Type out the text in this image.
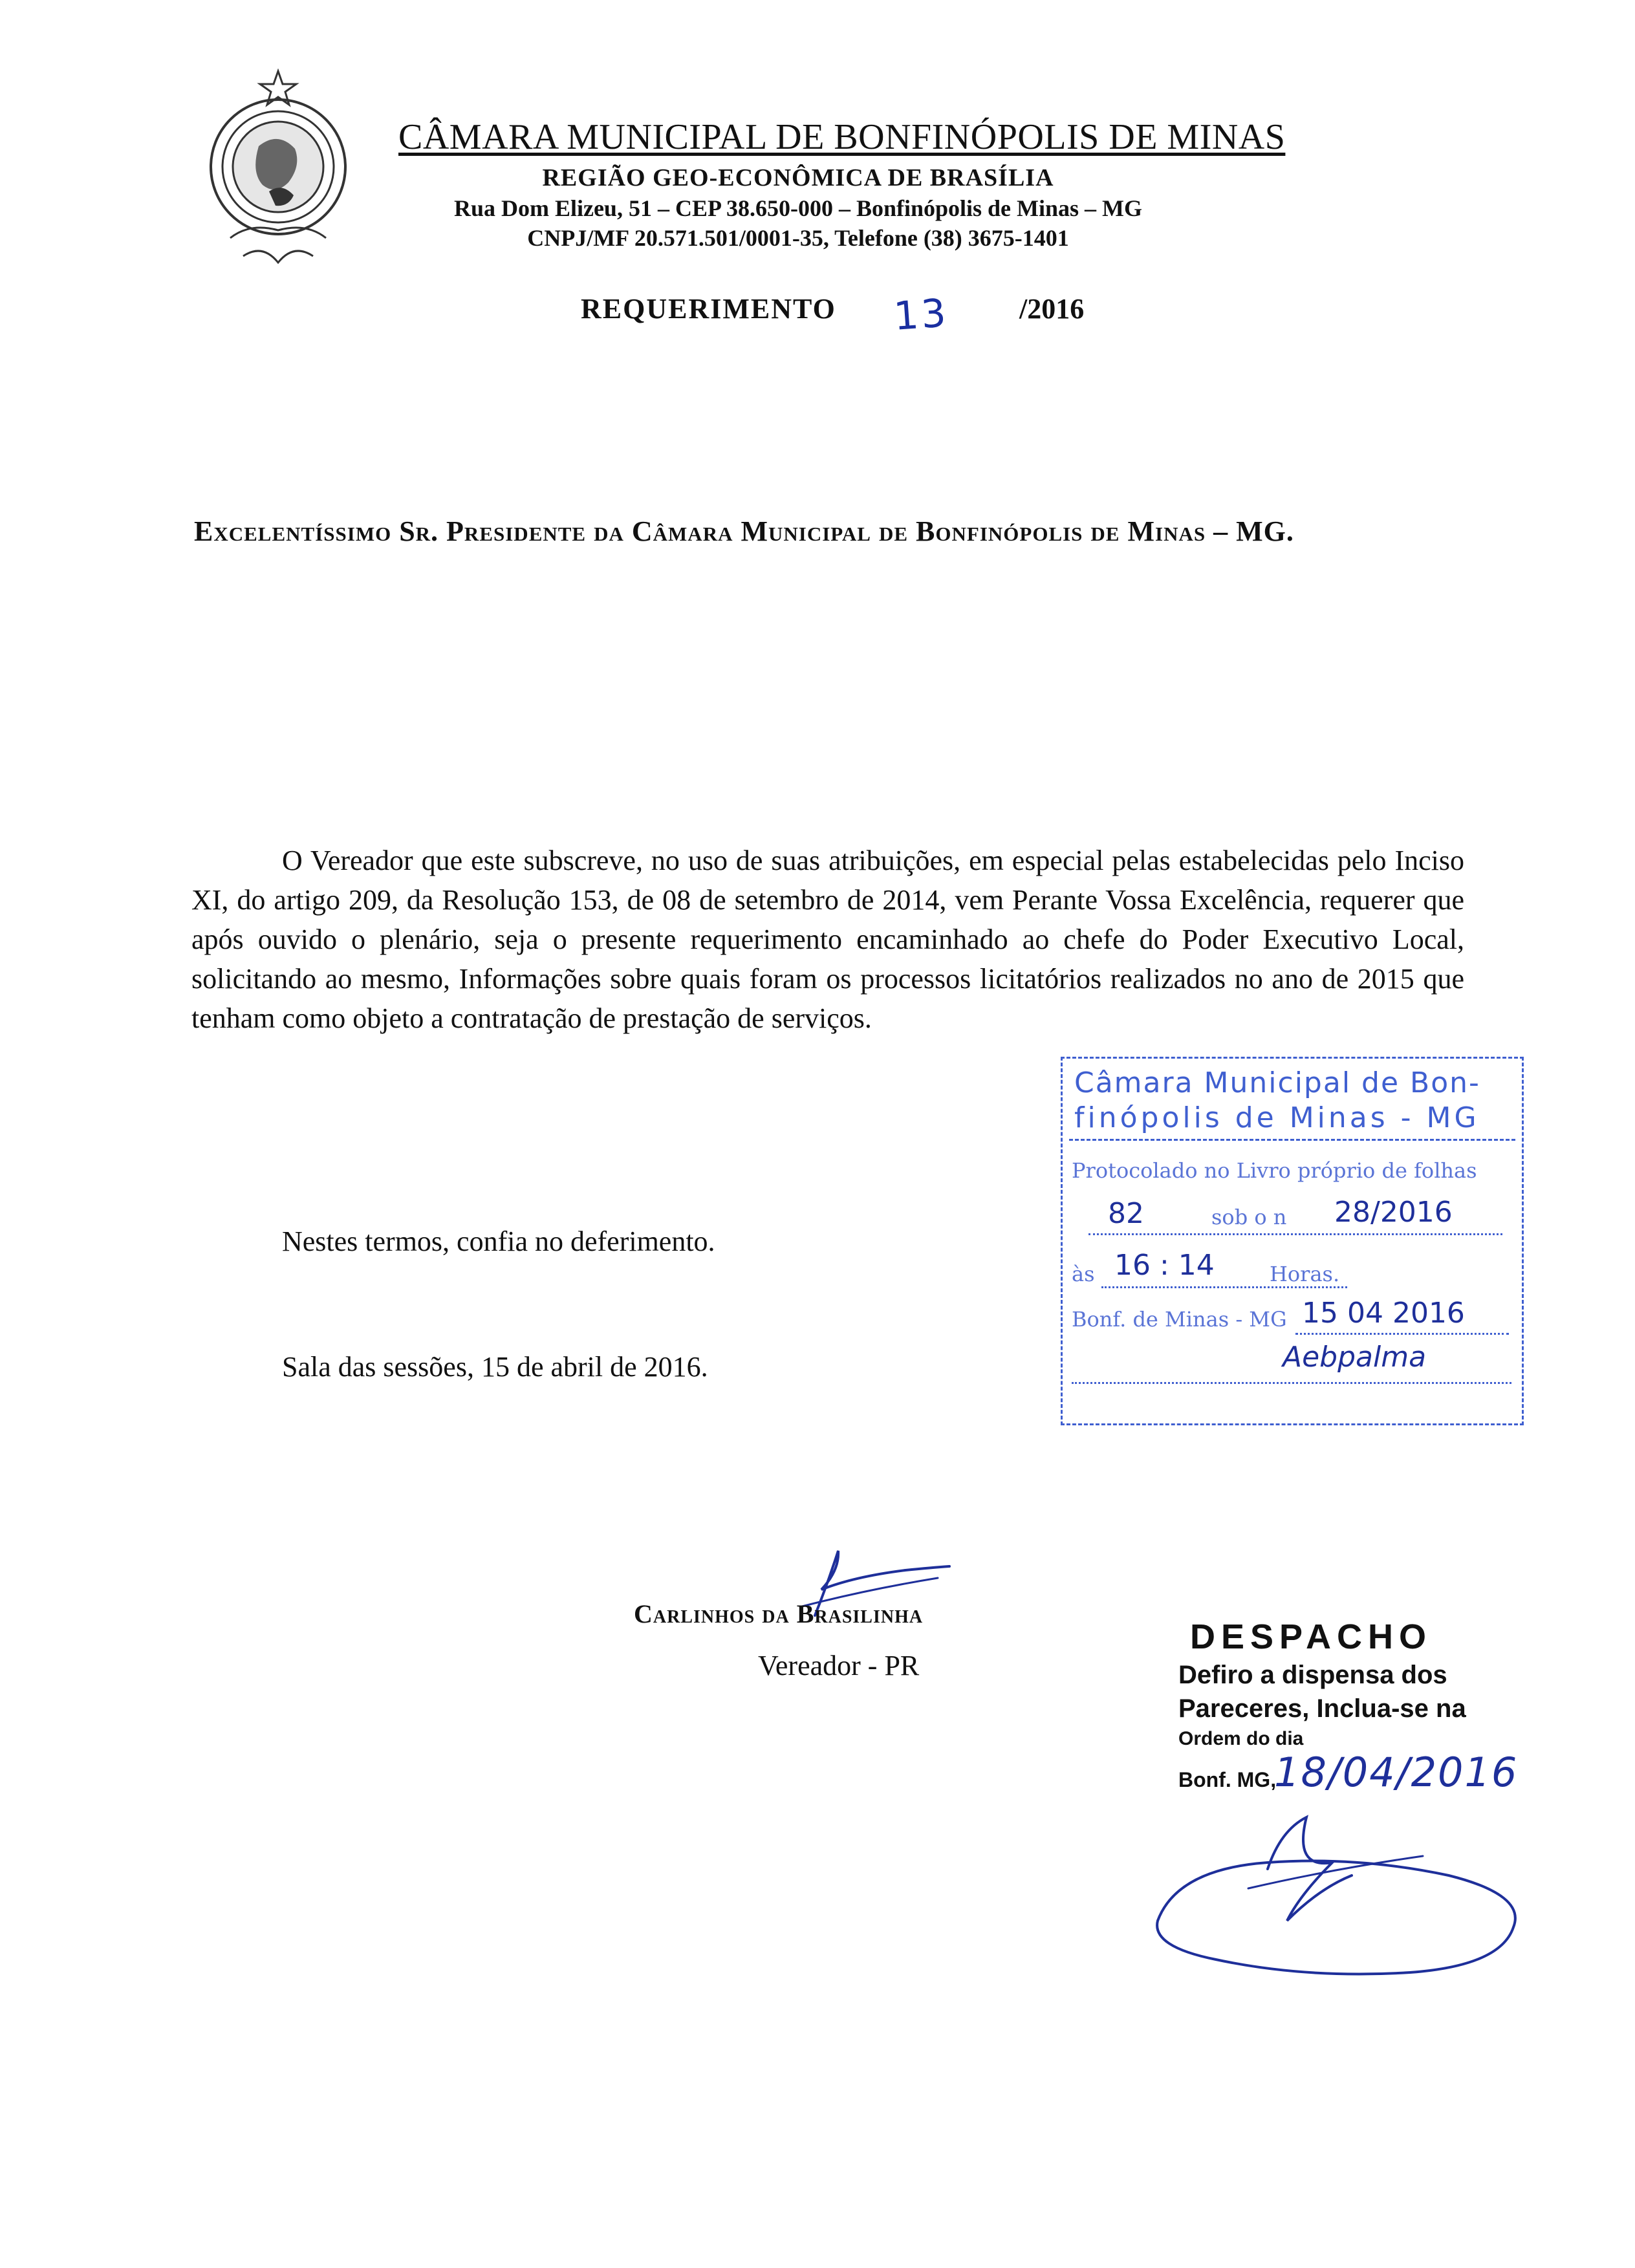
CÂMARA MUNICIPAL DE BONFINÓPOLIS DE MINAS
REGIÃO GEO-ECONÔMICA DE BRASÍLIA
Rua Dom Elizeu, 51 – CEP 38.650-000 – Bonfinópolis de Minas – MG
CNPJ/MF 20.571.501/0001-35, Telefone (38) 3675-1401
REQUERIMENTO 13 /2016
Excelentíssimo Sr. Presidente da Câmara Municipal de Bonfinópolis de Minas – MG.

O Vereador que este subscreve, no uso de suas atribuições, em especial pelas estabelecidas pelo Inciso XI, do artigo 209, da Resolução 153, de 08 de setembro de 2014, vem Perante Vossa Excelência, requerer que após ouvido o plenário, seja o presente requerimento encaminhado ao chefe do Poder Executivo Local, solicitando ao mesmo, Informações sobre quais foram os processos licitatórios realizados no ano de 2015 que tenham como objeto a contratação de prestação de serviços.

Nestes termos, confia no deferimento.
Sala das sessões, 15 de abril de 2016.
Câmara Municipal de Bon-
finópolis de Minas - MG
Protocolado no Livro próprio de folhas
82	sob o n 28/2016
às 16 : 14	Horas.
Bonf. de Minas - MG 15 04 2016
Aebpalma
Carlinhos da Brasilinha
Vereador - PR
DESPACHO
Defiro a dispensa dos
Pareceres, Inclua-se na
Ordem do dia
Bonf. MG,
18/04/2016
